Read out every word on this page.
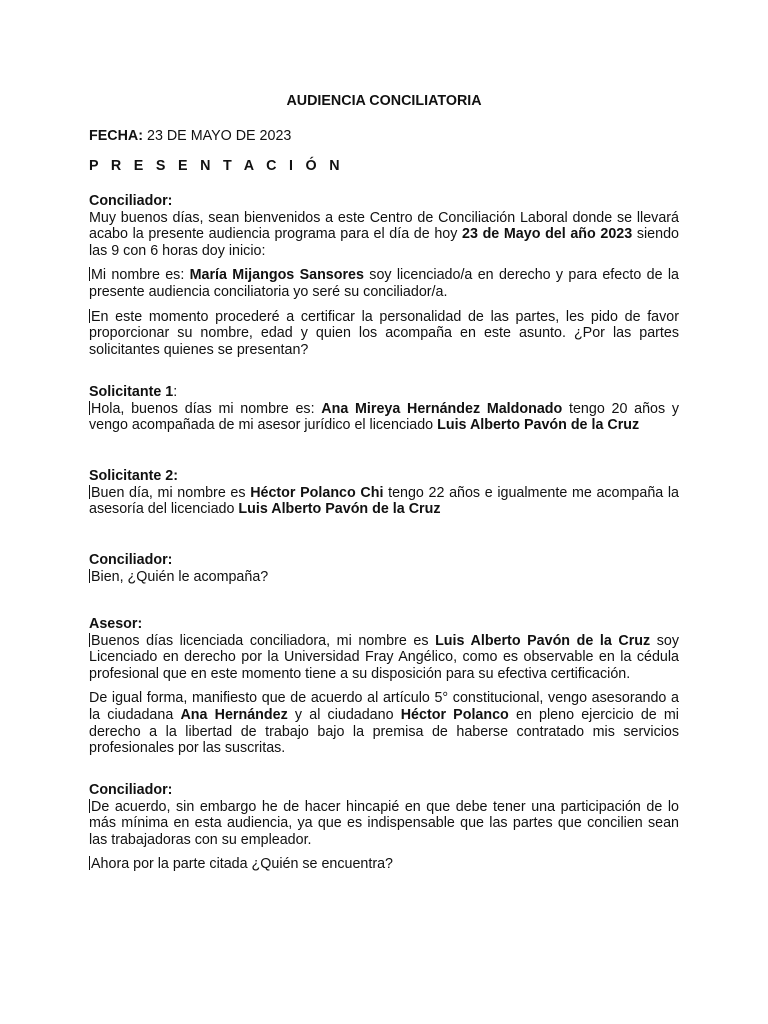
AUDIENCIA CONCILIATORIA
FECHA: 23 DE MAYO DE 2023
P R E S E N T A C I Ó N
Conciliador:

Muy buenos días, sean bienvenidos a este Centro de Conciliación Laboral donde se llevará acabo la presente audiencia programa para el día de hoy 23 de Mayo del año 2023 siendo las 9 con 6 horas doy inicio:

Mi nombre es: María Mijangos Sansores soy licenciado/a en derecho y para efecto de la presente audiencia conciliatoria yo seré su conciliador/a.

En este momento procederé a certificar la personalidad de las partes, les pido de favor proporcionar su nombre, edad y quien los acompaña en este asunto. ¿Por las partes solicitantes quienes se presentan?

Solicitante 1:

Hola, buenos días mi nombre es: Ana Mireya Hernández Maldonado tengo 20 años y vengo acompañada de mi asesor jurídico el licenciado Luis Alberto Pavón de la Cruz

Solicitante 2:

Buen día, mi nombre es Héctor Polanco Chi tengo 22 años e igualmente me acompaña la asesoría del licenciado Luis Alberto Pavón de la Cruz

Conciliador:

Bien, ¿Quién le acompaña?

Asesor:

Buenos días licenciada conciliadora, mi nombre es Luis Alberto Pavón de la Cruz soy Licenciado en derecho por la Universidad Fray Angélico, como es observable en la cédula profesional que en este momento tiene a su disposición para su efectiva certificación.

De igual forma, manifiesto que de acuerdo al artículo 5° constitucional, vengo asesorando a la ciudadana Ana Hernández y al ciudadano Héctor Polanco en pleno ejercicio de mi derecho a la libertad de trabajo bajo la premisa de haberse contratado mis servicios profesionales por las suscritas.

Conciliador:

De acuerdo, sin embargo he de hacer hincapié en que debe tener una participación de lo más mínima en esta audiencia, ya que es indispensable que las partes que concilien sean las trabajadoras con su empleador.

Ahora por la parte citada ¿Quién se encuentra?
